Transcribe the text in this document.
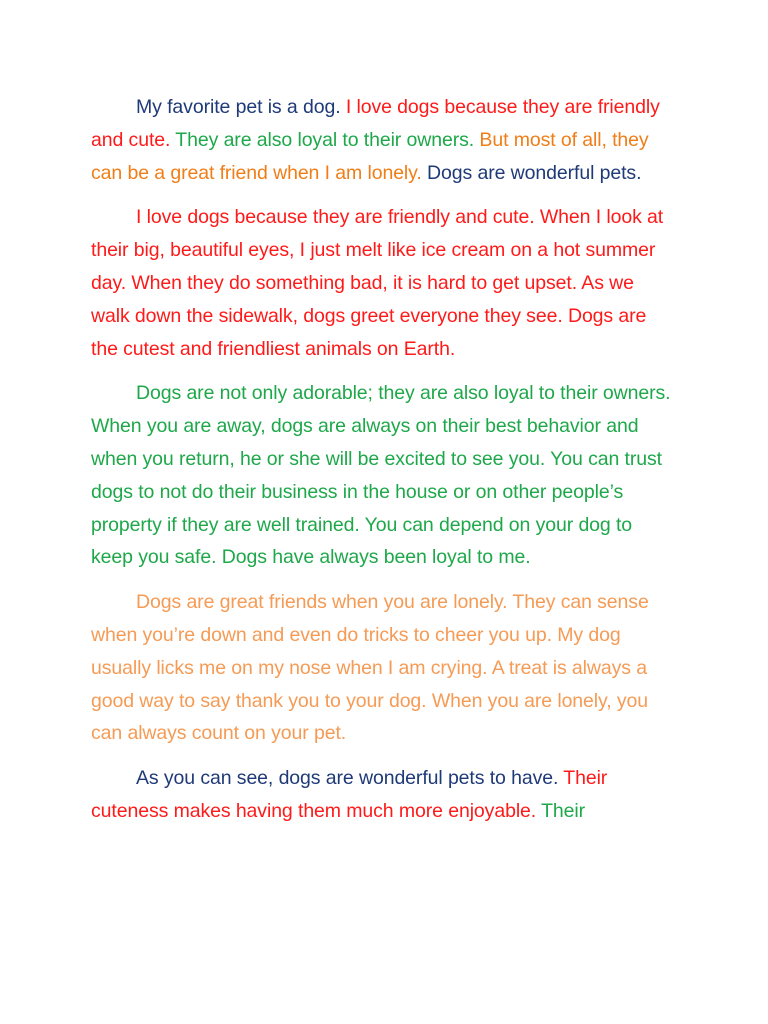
My favorite pet is a dog. I love dogs because they are friendly and cute. They are also loyal to their owners. But most of all, they can be a great friend when I am lonely. Dogs are wonderful pets.

I love dogs because they are friendly and cute. When I look at their big, beautiful eyes, I just melt like ice cream on a hot summer day. When they do something bad, it is hard to get upset. As we walk down the sidewalk, dogs greet everyone they see. Dogs are the cutest and friendliest animals on Earth.

Dogs are not only adorable; they are also loyal to their owners. When you are away, dogs are always on their best behavior and when you return, he or she will be excited to see you. You can trust dogs to not do their business in the house or on other people’s property if they are well trained. You can depend on your dog to keep you safe. Dogs have always been loyal to me.

Dogs are great friends when you are lonely. They can sense when you’re down and even do tricks to cheer you up. My dog usually licks me on my nose when I am crying. A treat is always a good way to say thank you to your dog. When you are lonely, you can always count on your pet.

As you can see, dogs are wonderful pets to have. Their cuteness makes having them much more enjoyable. Their
